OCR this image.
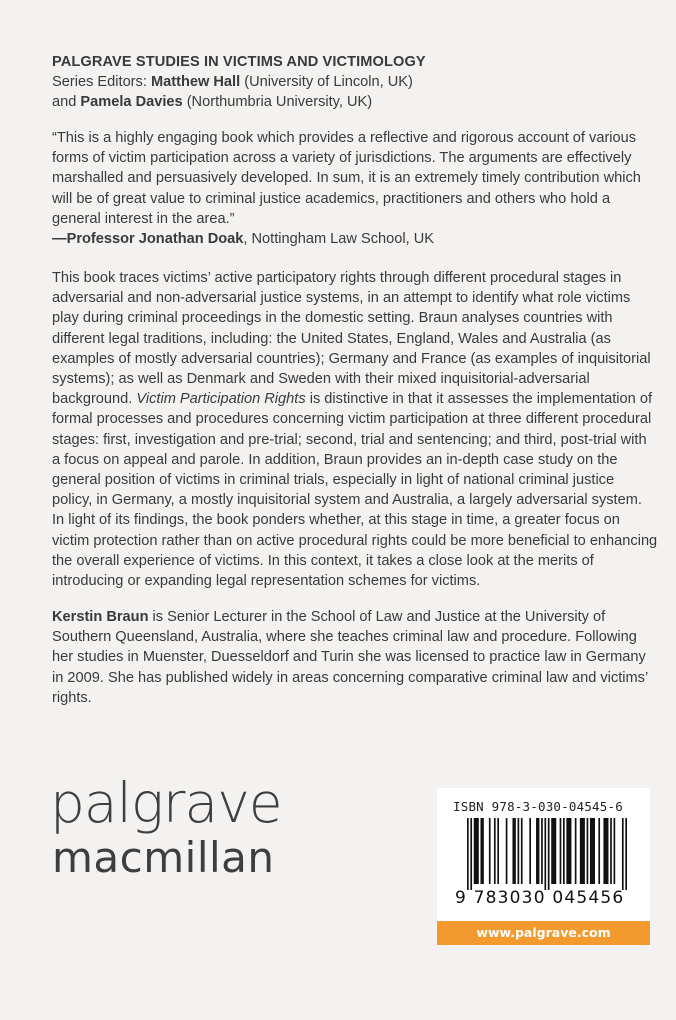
PALGRAVE STUDIES IN VICTIMS AND VICTIMOLOGY
Series Editors: Matthew Hall (University of Lincoln, UK)
and Pamela Davies (Northumbria University, UK)
“This is a highly engaging book which provides a reflective and rigorous account of various forms of victim participation across a variety of jurisdictions. The arguments are effectively marshalled and persuasively developed. In sum, it is an extremely timely contribution which will be of great value to criminal justice academics, practitioners and others who hold a general interest in the area.”
—Professor Jonathan Doak, Nottingham Law School, UK
This book traces victims’ active participatory rights through different procedural stages in adversarial and non-adversarial justice systems, in an attempt to identify what role victims play during criminal proceedings in the domestic setting. Braun analyses countries with different legal traditions, including: the United States, England, Wales and Australia (as examples of mostly adversarial countries); Germany and France (as examples of inquisitorial systems); as well as Denmark and Sweden with their mixed inquisitorial-adversarial background. Victim Participation Rights is distinctive in that it assesses the implementation of formal processes and procedures concerning victim participation at three different procedural stages: first, investigation and pre-trial; second, trial and sentencing; and third, post-trial with a focus on appeal and parole. In addition, Braun provides an in-depth case study on the general position of victims in criminal trials, especially in light of national criminal justice policy, in Germany, a mostly inquisitorial system and Australia, a largely adversarial system. In light of its findings, the book ponders whether, at this stage in time, a greater focus on victim protection rather than on active procedural rights could be more beneficial to enhancing the overall experience of victims. In this context, it takes a close look at the merits of introducing or expanding legal representation schemes for victims.
Kerstin Braun is Senior Lecturer in the School of Law and Justice at the University of Southern Queensland, Australia, where she teaches criminal law and procedure. Following her studies in Muenster, Duesseldorf and Turin she was licensed to practice law in Germany in 2009. She has published widely in areas concerning comparative criminal law and victims’ rights.
palgrave
macmillan
ISBN 978-3-030-04545-6
9 783030 045456
www.palgrave.com
